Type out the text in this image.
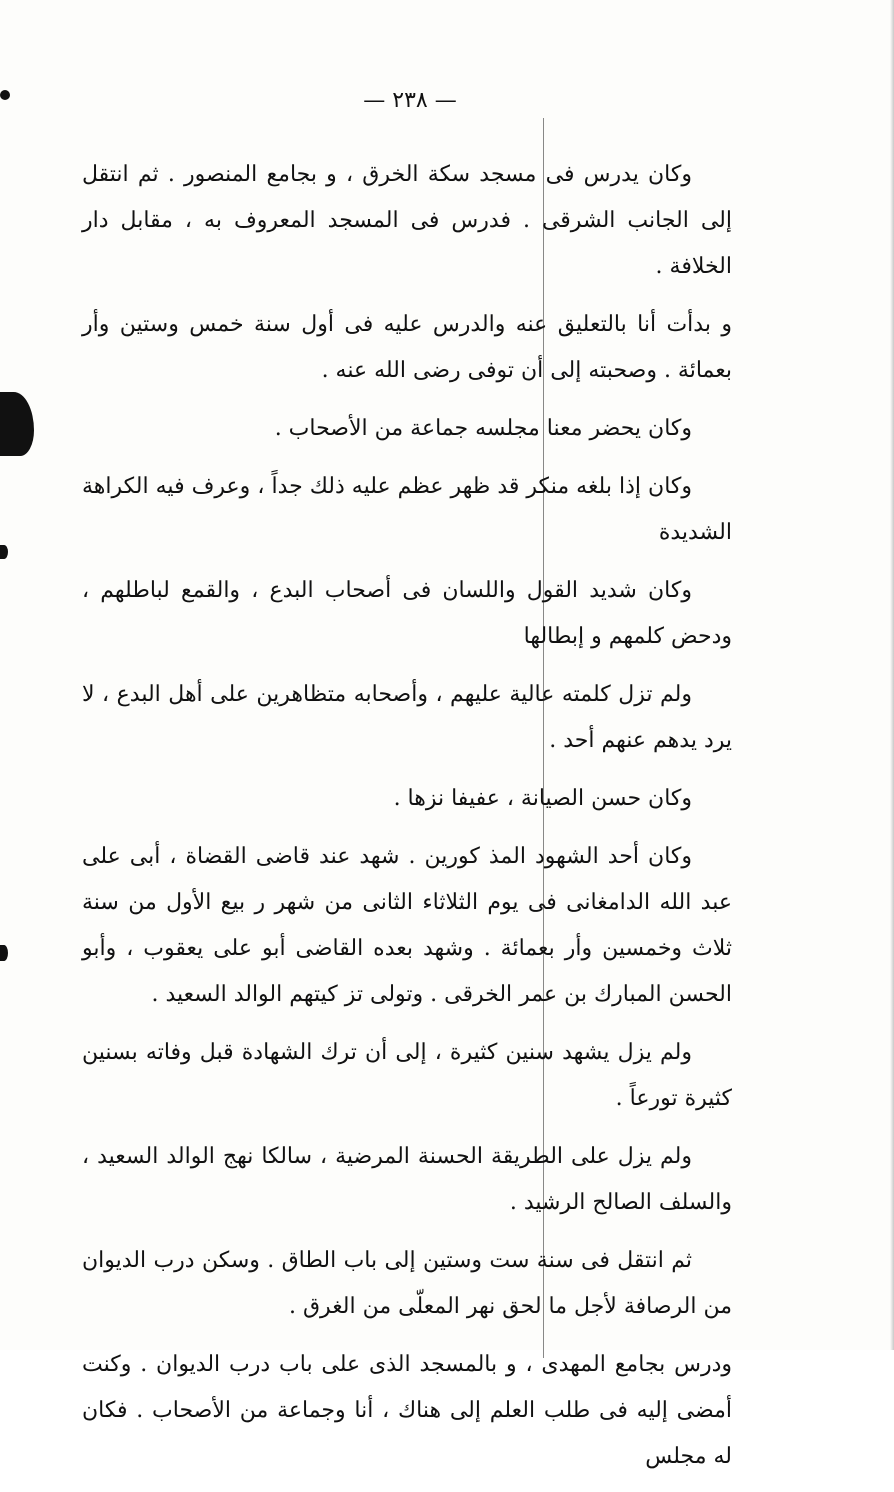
— ٢٣٨ —

وكان يدرس فى مسجد سكة الخرق ، و بجامع المنصور . ثم انتقل إلى الجانب الشرقى . فدرس فى المسجد المعروف به ، مقابل دار الخلافة .

و بدأت أنا بالتعليق عنه والدرس عليه فى أول سنة خمس وستين وأر بعمائة . وصحبته إلى أن توفى رضى الله عنه .

وكان يحضر معنا مجلسه جماعة من الأصحاب .

وكان إذا بلغه منكر قد ظهر عظم عليه ذلك جداً ، وعرف فيه الكراهة الشديدة

وكان شديد القول واللسان فى أصحاب البدع ، والقمع لباطلهم ، ودحض كلمهم و إبطالها

ولم تزل كلمته عالية عليهم ، وأصحابه متظاهرين على أهل البدع ، لا يرد يدهم عنهم أحد .

وكان حسن الصيانة ، عفيفا نزها .

وكان أحد الشهود المذ كورين . شهد عند قاضى القضاة ، أبى على عبد الله الدامغانى فى يوم الثلاثاء الثانى من شهر ر بيع الأول من سنة ثلاث وخمسين وأر بعمائة . وشهد بعده القاضى أبو على يعقوب ، وأبو الحسن المبارك بن عمر الخرقى . وتولى تز كيتهم الوالد السعيد .

ولم يزل يشهد سنين كثيرة ، إلى أن ترك الشهادة قبل وفاته بسنين كثيرة تورعاً .

ولم يزل على الطريقة الحسنة المرضية ، سالكا نهج الوالد السعيد ، والسلف الصالح الرشيد .

ثم انتقل فى سنة ست وستين إلى باب الطاق . وسكن درب الديوان من الرصافة لأجل ما لحق نهر المعلّى من الغرق .

ودرس بجامع المهدى ، و بالمسجد الذى على باب درب الديوان . وكنت أمضى إليه فى طلب العلم إلى هناك ، أنا وجماعة من الأصحاب . فكان له مجلس
